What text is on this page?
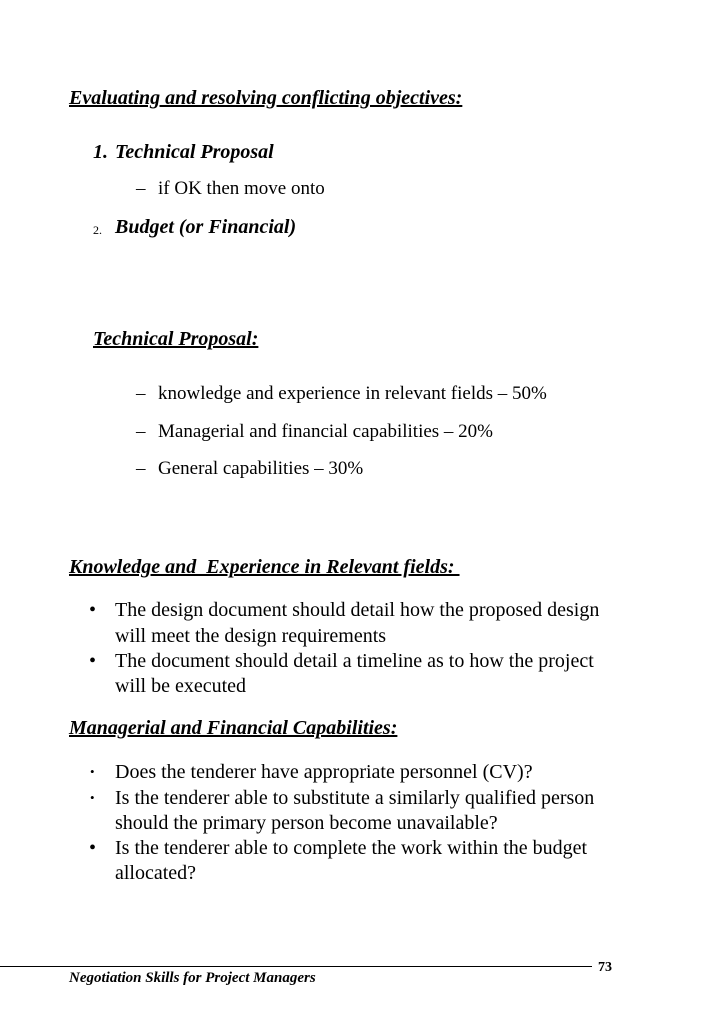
Evaluating and resolving conflicting objectives:
1. Technical Proposal
– if OK then move onto
2. Budget (or Financial)
Technical Proposal:
– knowledge and experience in relevant fields – 50%
– Managerial and financial capabilities – 20%
– General capabilities – 30%
Knowledge and  Experience in Relevant fields:
• The design document should detail how the proposed design
will meet the design requirements
• The document should detail a timeline as to how the project
will be executed
Managerial and Financial Capabilities:
• Does the tenderer have appropriate personnel (CV)?
• Is the tenderer able to substitute a similarly qualified person
should the primary person become unavailable?
• Is the tenderer able to complete the work within the budget
allocated?
73
Negotiation Skills for Project Managers
